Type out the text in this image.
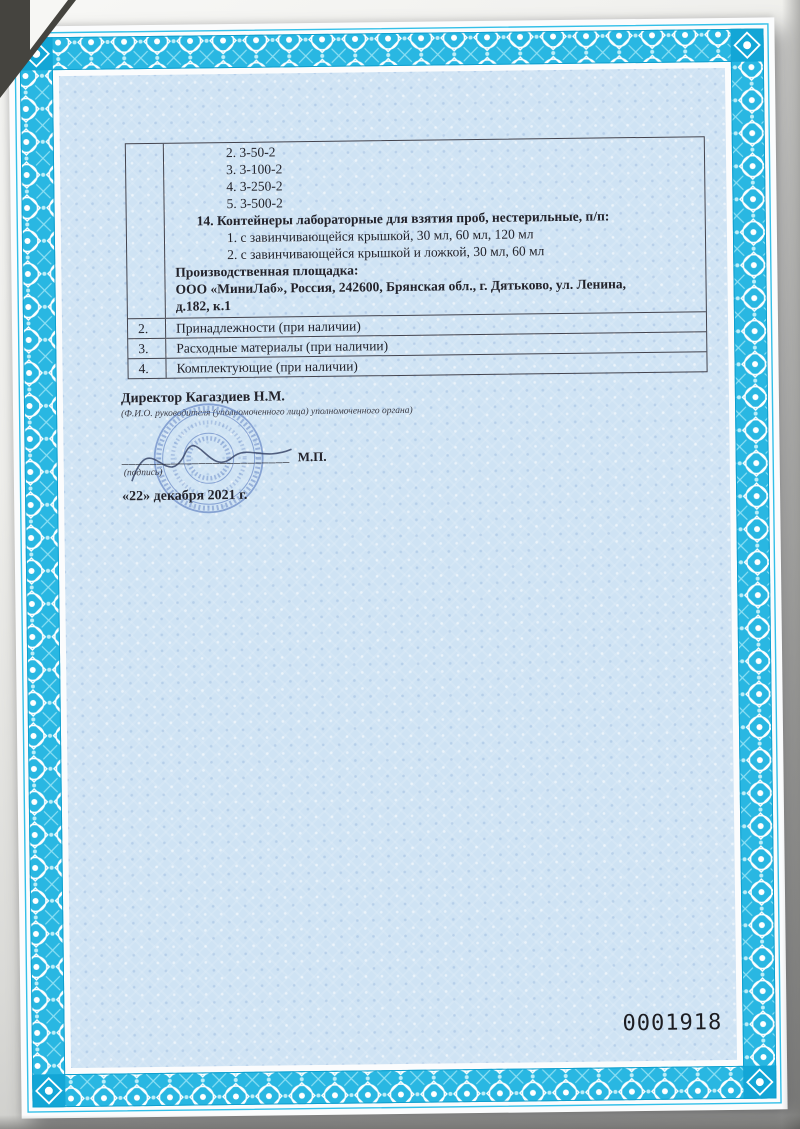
2. 3-50-2
3. 3-100-2
4. 3-250-2
5. 3-500-2
14. Контейнеры лабораторные для взятия проб, нестерильные, п/п:
1. с завинчивающейся крышкой, 30 мл, 60 мл, 120 мл
2. с завинчивающейся крышкой и ложкой, 30 мл, 60 мл
Производственная площадка:
ООО «МиниЛаб», Россия, 242600, Брянская обл., г. Дятьково, ул. Ленина,
д.182, к.1
2.	Принадлежности (при наличии)
3.	Расходные материалы (при наличии)
4.	Комплектующие (при наличии)
Директор Кагаздиев Н.М.
(Ф.И.О. руководителя (уполномоченного лица) уполномоченного органа)
________________________ М.П.
(подпись)
«22» декабря 2021 г.
0001918
